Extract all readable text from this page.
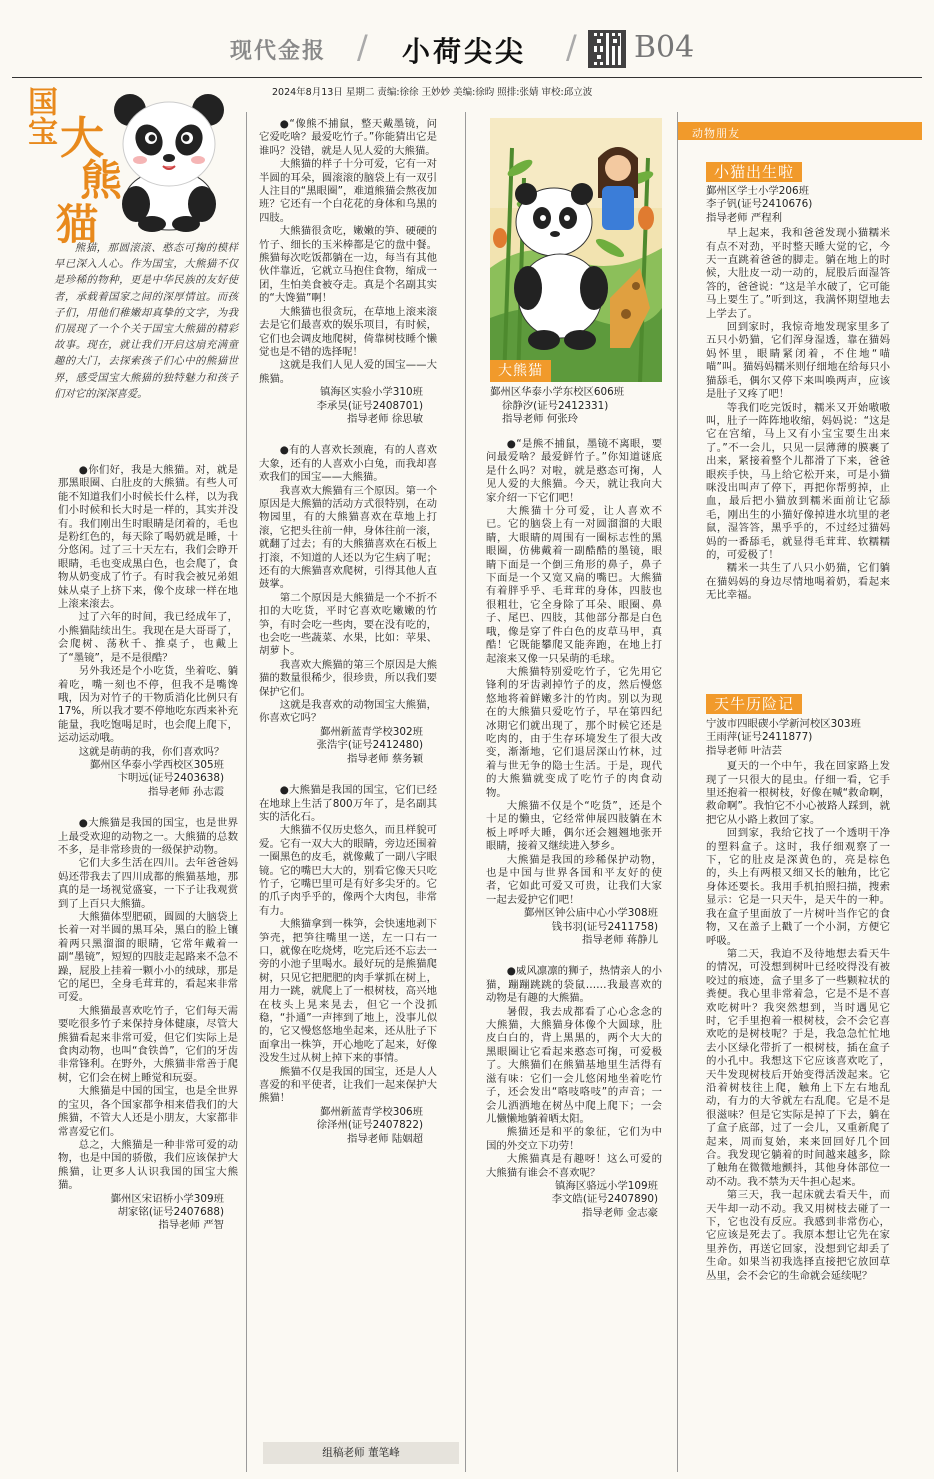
现代金报 / 小荷尖尖 / B04
2024年8月13日 星期二 责编:徐徐 王妙妙 美编:徐昀 照排:张婧 审校:邱立波
国宝 大
熊
猫

熊猫，那圆滚滚、憨态可掬的模样早已深入人心。作为国宝，大熊猫不仅是珍稀的物种，更是中华民族的友好使者，承载着国家之间的深厚情谊。而孩子们，用他们稚嫩却真挚的文字，为我们展现了一个个关于国宝大熊猫的精彩故事。现在，就让我们开启这扇充满童趣的大门，去探索孩子们心中的熊猫世界，感受国宝大熊猫的独特魅力和孩子们对它的深深喜爱。

●你们好，我是大熊猫。对，就是那黑眼圈、白肚皮的大熊猫。有些人可能不知道我们小时候长什么样，以为我们小时候和长大时是一样的，其实并没有。我们刚出生时眼睛是闭着的，毛也是粉红色的，每天除了喝奶就是睡，十分悠闲。过了三十天左右，我们会睁开眼睛，毛也变成黑白色，也会爬了，食物从奶变成了竹子。有时我会被兄弟姐妹从桌子上挤下来，像个皮球一样在地上滚来滚去。

过了六年的时间，我已经成年了，小熊猫陆续出生。我现在是大哥哥了，会爬树、荡秋千、推桌子，也戴上了“墨镜”，是不是很酷？

另外我还是个小吃货，坐着吃、躺着吃，嘴一刻也不停，但我不是嘴馋哦，因为对竹子的干物质消化比例只有17%，所以我才要不停地吃东西来补充能量，我吃饱喝足时，也会爬上爬下，运动运动哦。

这就是萌萌的我，你们喜欢吗？

鄞州区华泰小学西校区305班

卞明远(证号2403638)

指导老师 孙志霞

●大熊猫是我国的国宝，也是世界上最受欢迎的动物之一。大熊猫的总数不多，是非常珍贵的一级保护动物。

它们大多生活在四川。去年爸爸妈妈还带我去了四川成都的熊猫基地，那真的是一场视觉盛宴，一下子让我观赏到了上百只大熊猫。

大熊猫体型肥硕，圆圆的大脑袋上长着一对半圆的黑耳朵，黑白的脸上镶着两只黑溜溜的眼睛，它常年戴着一副“墨镜”，短短的四肢走起路来不急不躁，屁股上挂着一颗小小的绒球，那是它的尾巴，全身毛茸茸的，看起来非常可爱。

大熊猫最喜欢吃竹子，它们每天需要吃很多竹子来保持身体健康，尽管大熊猫看起来非常可爱，但它们实际上是食肉动物，也叫“食铁兽”，它们的牙齿非常锋利。在野外，大熊猫非常善于爬树，它们会在树上睡觉和玩耍。

大熊猫是中国的国宝，也是全世界的宝贝，各个国家都争相来借我们的大熊猫，不管大人还是小朋友，大家都非常喜爱它们。

总之，大熊猫是一种非常可爱的动物，也是中国的骄傲，我们应该保护大熊猫，让更多人认识我国的国宝大熊猫。

鄞州区宋诏桥小学309班

胡家铭(证号2407688)

指导老师 严智

●“像熊不捕鼠，整天戴墨镜，问它爱吃啥？最爱吃竹子。”你能猜出它是谁吗？没错，就是人见人爱的大熊猫。

大熊猫的样子十分可爱，它有一对半圆的耳朵，圆滚滚的脑袋上有一双引人注目的“黑眼圈”，难道熊猫会熬夜加班？它还有一个白花花的身体和乌黑的四肢。

大熊猫很贪吃，嫩嫩的笋、硬硬的竹子、细长的玉米棒都是它的盘中餐。熊猫每次吃饭都躺在一边，每当有其他伙伴靠近，它就立马抱住食物，缩成一团，生怕美食被夺走。真是个名副其实的“大馋猫”啊！

大熊猫也很贪玩，在草地上滚来滚去是它们最喜欢的娱乐项目，有时候，它们也会调皮地爬树，倚靠树枝睡个懒觉也是不错的选择呢！

这就是我们人见人爱的国宝——大熊猫。

镇海区实验小学310班

李承昊(证号2408701)

指导老师 徐思敏

●有的人喜欢长颈鹿，有的人喜欢大象，还有的人喜欢小白兔，而我却喜欢我们的国宝——大熊猫。

我喜欢大熊猫有三个原因。第一个原因是大熊猫的活动方式很特别，在动物园里，有的大熊猫喜欢在草地上打滚，它把头往前一伸，身体往前一滚，就翻了过去；有的大熊猫喜欢在石板上打滚，不知道的人还以为它生病了呢；还有的大熊猫喜欢爬树，引得其他人直鼓掌。

第二个原因是大熊猫是一个不折不扣的大吃货，平时它喜欢吃嫩嫩的竹笋，有时会吃一些肉，要在没有吃的，也会吃一些蔬菜、水果，比如：苹果、胡萝卜。

我喜欢大熊猫的第三个原因是大熊猫的数量很稀少，很珍贵，所以我们要保护它们。

这就是我喜欢的动物国宝大熊猫，你喜欢它吗？

鄞州新蓝青学校302班

张浩宇(证号2412480)

指导老师 蔡务颖

●大熊猫是我国的国宝，它们已经在地球上生活了800万年了，是名副其实的活化石。

大熊猫不仅历史悠久，而且样貌可爱。它有一双大大的眼睛，旁边还围着一圈黑色的皮毛，就像戴了一副八字眼镜。它的嘴巴大大的，别看它像天只吃竹子，它嘴巴里可是有好多尖牙的。它的爪子肉乎乎的，像两个大肉包，非常有力。

大熊猫拿到一株笋，会快速地剥下笋壳，把笋往嘴里一送，左一口右一口，就像在吃烧烤，吃完后还不忘去一旁的小池子里喝水。最好玩的是熊猫爬树，只见它把肥肥的肉手掌抓在树上，用力一跳，就爬上了一根树枝，高兴地在枝头上晃来晃去，但它一个没抓稳，“扑通”一声摔到了地上，没事儿似的，它又慢悠悠地坐起来，还从肚子下面拿出一株笋，开心地吃了起来，好像没发生过从树上掉下来的事情。

熊猫不仅是我国的国宝，还是人人喜爱的和平使者，让我们一起来保护大熊猫！

鄞州新蓝青学校306班

徐泽州(证号2407822)

指导老师 陆姻超

组稿老师 董笔峰
大熊猫
鄞州区华泰小学东校区606班
徐静汐(证号2412331)
指导老师 何张玲

●“是熊不捕鼠，墨镜不离眼，要问最爱啥？最爱鲜竹子。”你知道谜底是什么吗？对啦，就是憨态可掬，人见人爱的大熊猫。今天，就让我向大家介绍一下它们吧！

大熊猫十分可爱，让人喜欢不已。它的脑袋上有一对圆溜溜的大眼睛，大眼睛的周围有一圈标志性的黑眼圈，仿佛戴着一副酷酷的墨镜，眼睛下面是一个倒三角形的鼻子，鼻子下面是一个又宽又扁的嘴巴。大熊猫有着胖乎乎、毛茸茸的身体，四肢也很粗壮，它全身除了耳朵、眼圈、鼻子、尾巴、四肢，其他部分都是白色哦，像是穿了件白色的皮草马甲，真酷！它既能攀爬又能奔跑，在地上打起滚来又像一只呆萌的毛球。

大熊猫特别爱吃竹子，它先用它锋利的牙齿剥掉竹子的皮，然后慢悠悠地将着鲜嫩多汁的竹肉。别以为现在的大熊猫只爱吃竹子，早在第四纪冰期它们就出现了，那个时候它还是吃肉的，由于生存环境发生了很大改变，渐渐地，它们退居深山竹林，过着与世无争的隐士生活。于是，现代的大熊猫就变成了吃竹子的肉食动物。

大熊猫不仅是个“吃货”，还是个十足的懒虫，它经常伸展四肢躺在木板上呼呼大睡，偶尔还会翘翘地张开眼睛，接着又继续进入梦乡。

大熊猫是我国的珍稀保护动物，也是中国与世界各国和平友好的使者，它如此可爱又可贵，让我们大家一起去爱护它们吧！

鄞州区钟公庙中心小学308班

钱书羽(证号2411758)

指导老师 蒋静儿

●威风凛凛的狮子，热情亲人的小猫，蹦蹦跳跳的袋鼠……我最喜欢的动物是有趣的大熊猫。

暑假，我去成都看了心心念念的大熊猫，大熊猫身体像个大圆球，肚皮白白的，背上黑黑的，两个大大的黑眼圈让它看起来憨态可掬，可爱极了。大熊猫们在熊猫基地里生活得有滋有味：它们一会儿悠闲地坐着吃竹子，还会发出“咯吱咯吱”的声音；一会儿洒洒地在树丛中爬上爬下；一会儿懒懒地躺着晒太阳。

熊猫还是和平的象征，它们为中国的外交立下功劳！

大熊猫真是有趣呀！这么可爱的大熊猫有谁会不喜欢呢？

镇海区骆远小学109班

李文皓(证号2407890)

指导老师 金志豪

动物朋友
小猫出生啦
鄞州区学士小学206班
李子钒(证号2410676)
指导老师 严程利

早上起来，我和爸爸发现小猫糯米有点不对劲，平时整天睡大觉的它，今天一直跳着爸爸的脚走。躺在地上的时候，大肚皮一动一动的，屁股后面湿答答的，爸爸说：“这是羊水破了，它可能马上要生了。”听到这，我满怀期望地去上学去了。

回到家时，我惊奇地发现家里多了五只小奶猫，它们浑身湿透，靠在猫妈妈怀里，眼睛紧闭着，不住地“喵喵”叫。猫妈妈糯米则仔细地在给每只小猫舔毛，偶尔又停下来叫唤两声，应该是肚子又疼了吧！

等我们吃完饭时，糯米又开始嗷嗷叫，肚子一阵阵地收缩，妈妈说：“这是它在宫缩，马上又有小宝宝要生出来了。”不一会儿，只见一层薄薄的膜裹了出来，紧接着整个儿都滑了下来，爸爸眼疾手快，马上给它松开来，可是小猫咪没出叫声了停下，再把你帮剪掉，止血，最后把小猫放到糯米面前让它舔毛，刚出生的小猫好像掉进水坑里的老鼠，湿答答，黑乎乎的，不过经过猫妈妈的一番舔毛，就显得毛茸茸、软糯糯的，可爱极了！

糯米一共生了八只小奶猫，它们躺在猫妈妈的身边尽情地喝着奶，看起来无比幸福。

天牛历险记
宁波市四眼碶小学新河校区303班
王雨萍(证号2411877)
指导老师 叶洁芸

夏天的一个中午，我在回家路上发现了一只很大的昆虫。仔细一看，它手里还抱着一根树枝，好像在喊“救命啊，救命啊”。我怕它不小心被路人踩到，就把它从小路上救回了家。

回到家，我给它找了一个透明干净的塑料盒子。这时，我仔细观察了一下，它的肚皮是深黄色的，亮是棕色的，头上有两根又细又长的触角，比它身体还要长。我用手机拍照扫描，搜索显示：它是一只天牛，是天牛的一种。我在盒子里面放了一片树叶当作它的食物，又在盖子上戳了一个小洞，方便它呼吸。

第二天，我迫不及待地想去看天牛的情况，可没想到树叶已经咬得没有被咬过的痕迹，盒子里多了一些颗粒状的粪便。我心里非常着急，它是不是不喜欢吃树叶？我突然想到，当时遇见它时，它手里抱着一根树枝，会不会它喜欢吃的是树枝呢？于是，我急急忙忙地去小区绿化带折了一根树枝，插在盒子的小孔中。我想这下它应该喜欢吃了，天牛发现树枝后开始变得活泼起来。它沿着树枝往上爬，触角上下左右地乱动，有力的大爷就左右乱爬。它是不是很滋味？但是它实际是掉了下去，躺在了盒子底部，过了一会儿，又重新爬了起来，周而复始，来来回回好几个回合。我发现它躺着的时间越来越多，除了触角在微微地颤抖，其他身体部位一动不动。我不禁为天牛担心起来。

第三天，我一起床就去看天牛，而天牛却一动不动。我又用树枝去碰了一下，它也没有反应。我感到非常伤心，它应该是死去了。我原本想让它先在家里养伤，再送它回家，没想到它却丢了生命。如果当初我选择直接把它放回草丛里，会不会它的生命就会延续呢？
